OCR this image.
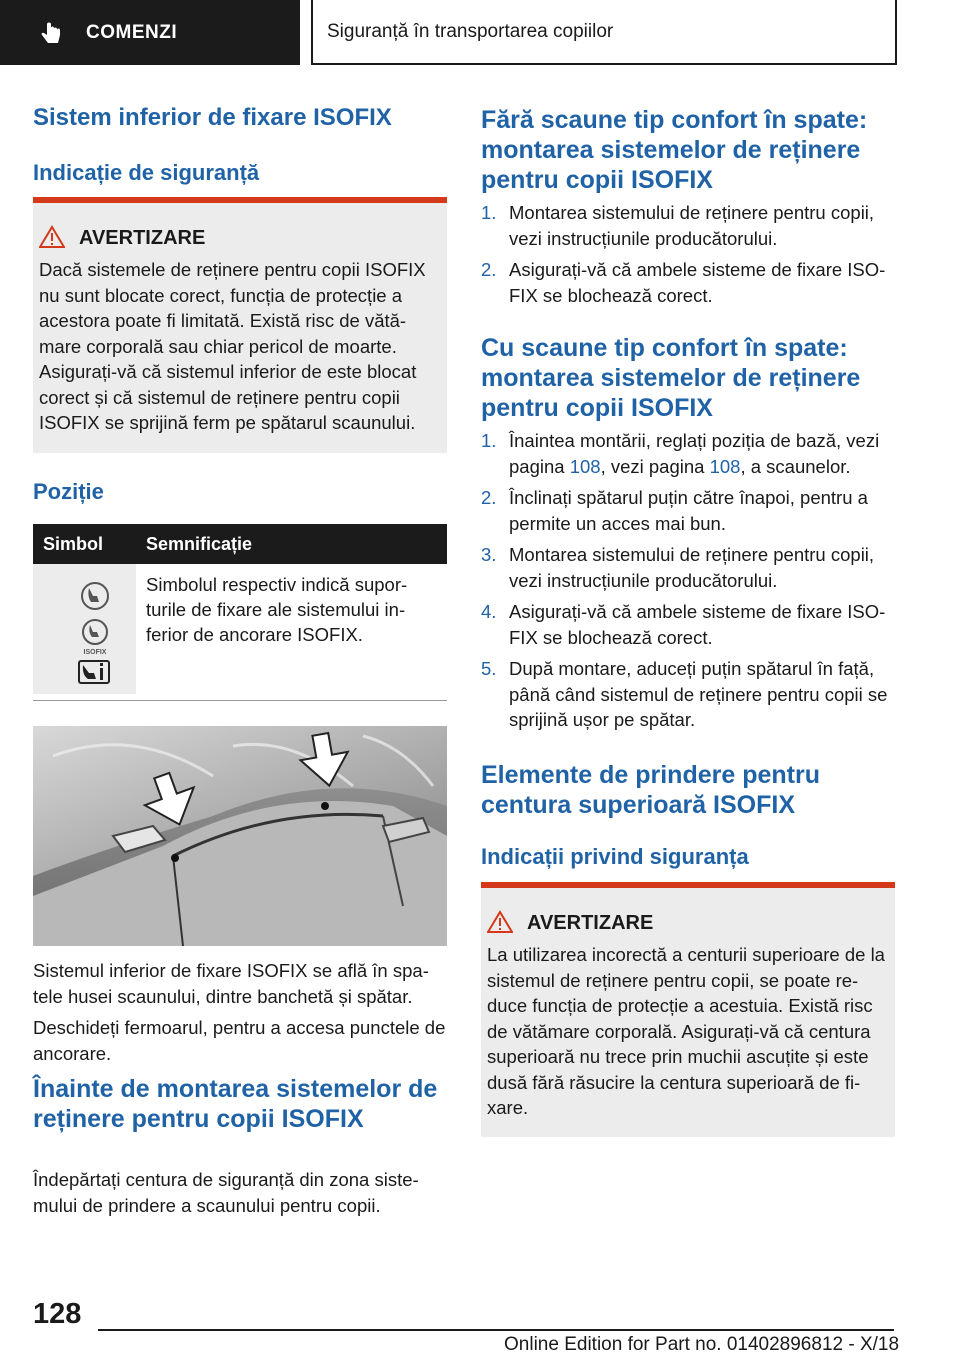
COMENZI	Siguranță în transportarea copiilor
Sistem inferior de fixare ISOFIX
Indicație de siguranță
AVERTIZARE
Dacă sistemele de reținere pentru copii ISOFIX nu sunt blocate corect, funcția de protecție a acestora poate fi limitată. Există risc de vătă-mare corporală sau chiar pericol de moarte. Asigurați-vă că sistemul inferior de este blocat corect și că sistemul de reținere pentru copii ISOFIX se sprijină ferm pe spătarul scaunului.
Poziție
Simbol	Semnificație

ISOFIX	Simbolul respectiv indică supor-turile de fixare ale sistemului in-ferior de ancorare ISOFIX.

Sistemul inferior de fixare ISOFIX se află în spa-tele husei scaunului, dintre banchetă și spătar.

Deschideți fermoarul, pentru a accesa punctele de ancorare.

Înainte de montarea sistemelor de reținere pentru copii ISOFIX

Îndepărtați centura de siguranță din zona siste-mului de prindere a scaunului pentru copii.

Fără scaune tip confort în spate: montarea sistemelor de reținere pentru copii ISOFIX
1. Montarea sistemului de reținere pentru copii, vezi instrucțiunile producătorului.
2. Asigurați-vă că ambele sisteme de fixare ISO-FIX se blochează corect.
Cu scaune tip confort în spate: montarea sistemelor de reținere pentru copii ISOFIX
1. Înaintea montării, reglați poziția de bază, vezi pagina 108, vezi pagina 108, a scaunelor.
2. Înclinați spătarul puțin către înapoi, pentru a permite un acces mai bun.
3. Montarea sistemului de reținere pentru copii, vezi instrucțiunile producătorului.
4. Asigurați-vă că ambele sisteme de fixare ISO-FIX se blochează corect.
5. După montare, aduceți puțin spătarul în față, până când sistemul de reținere pentru copii se sprijină ușor pe spătar.
Elemente de prindere pentru centura superioară ISOFIX
Indicații privind siguranța
AVERTIZARE
La utilizarea incorectă a centurii superioare de la sistemul de reținere pentru copii, se poate re-duce funcția de protecție a acestuia. Există risc de vătămare corporală. Asigurați-vă că centura superioară nu trece prin muchii ascuțite și este dusă fără răsucire la centura superioară de fi-xare.
128
Online Edition for Part no. 01402896812 - X/18
